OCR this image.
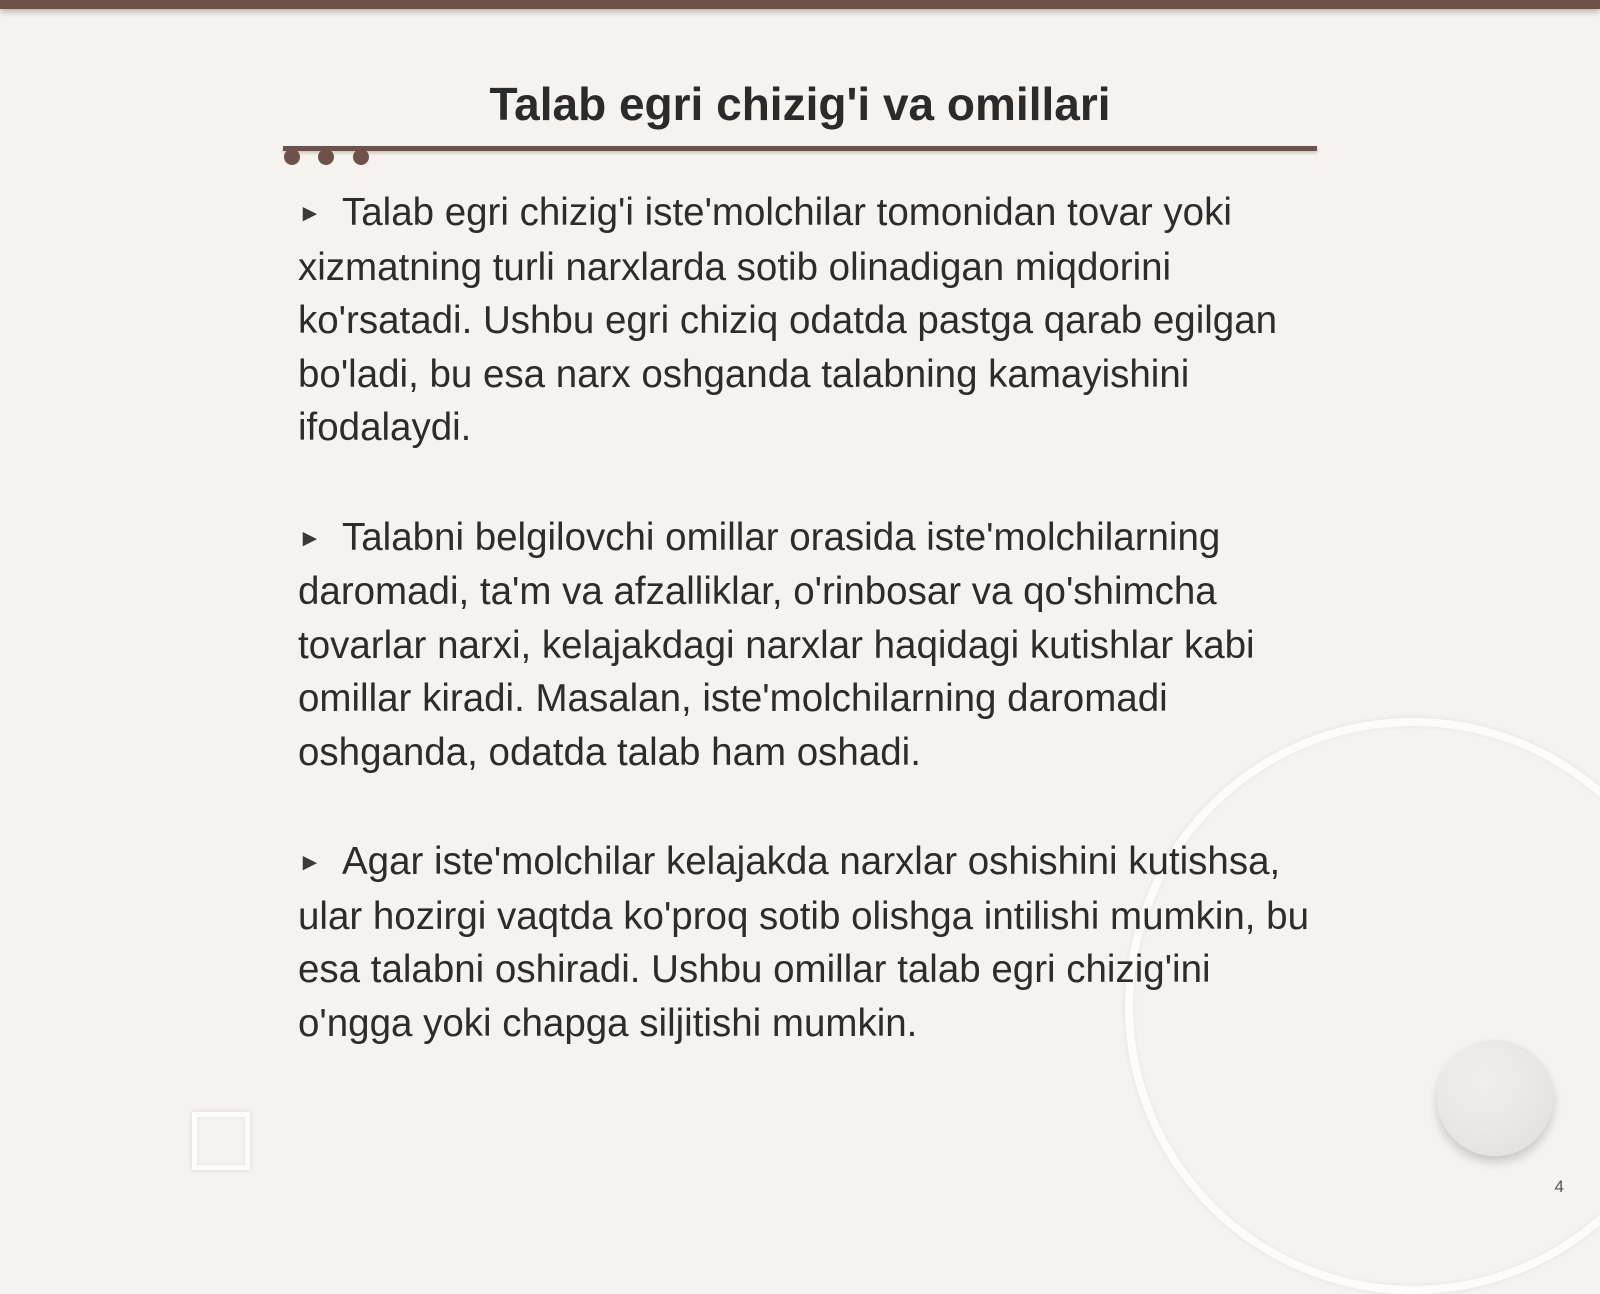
Talab egri chizig'i va omillari

► Talab egri chizig'i iste'molchilar tomonidan tovar yoki xizmatning turli narxlarda sotib olinadigan miqdorini ko'rsatadi. Ushbu egri chiziq odatda pastga qarab egilgan bo'ladi, bu esa narx oshganda talabning kamayishini ifodalaydi.

► Talabni belgilovchi omillar orasida iste'molchilarning daromadi, ta'm va afzalliklar, o'rinbosar va qo'shimcha tovarlar narxi, kelajakdagi narxlar haqidagi kutishlar kabi omillar kiradi. Masalan, iste'molchilarning daromadi oshganda, odatda talab ham oshadi.

► Agar iste'molchilar kelajakda narxlar oshishini kutishsa, ular hozirgi vaqtda ko'proq sotib olishga intilishi mumkin, bu esa talabni oshiradi. Ushbu omillar talab egri chizig'ini o'ngga yoki chapga siljitishi mumkin.

4
